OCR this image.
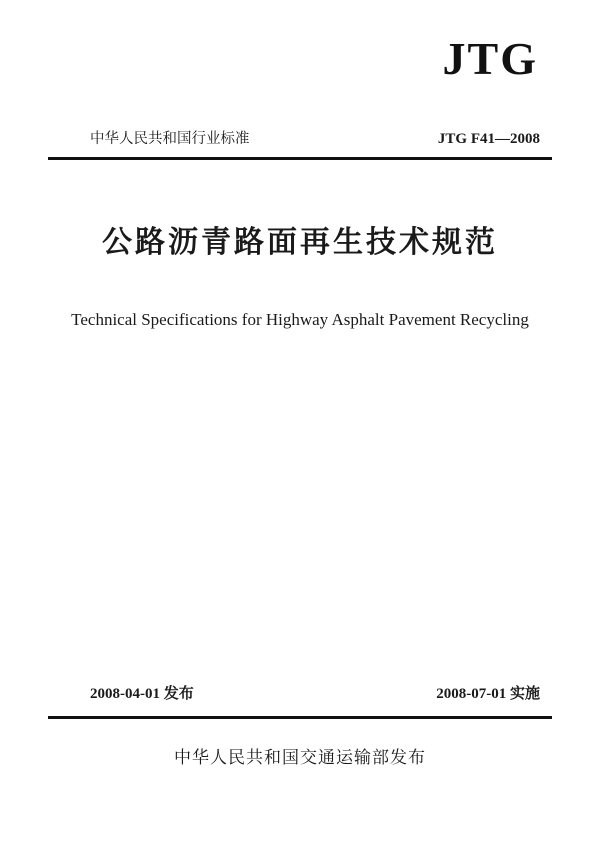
JTG
中华人民共和国行业标准	JTG F41—2008
公路沥青路面再生技术规范
Technical Specifications for Highway Asphalt Pavement Recycling
2008-04-01 发布	2008-07-01 实施
中华人民共和国交通运输部发布
